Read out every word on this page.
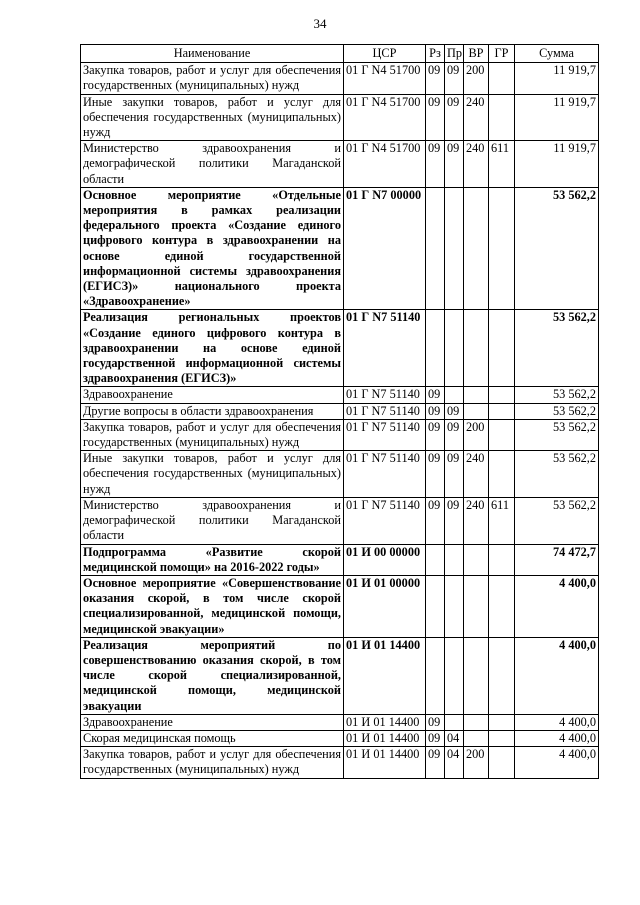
34
Наименование	ЦСР	Рз	Пр	ВР	ГР	Сумма
Закупка товаров, работ и услуг для обеспечения государственных (муниципальных) нужд	01 Г N4 51700	09	09	200		11 919,7
Иные закупки товаров, работ и услуг для обеспечения государственных (муниципальных) нужд	01 Г N4 51700	09	09	240		11 919,7
Министерство здравоохранения и демографической политики Магаданской области	01 Г N4 51700	09	09	240	611	11 919,7
Основное мероприятие «Отдельные мероприятия в рамках реализации федерального проекта «Создание единого цифрового контура в здравоохранении на основе единой государственной информационной системы здравоохранения (ЕГИСЗ)» национального проекта «Здравоохранение»	01 Г N7 00000					53 562,2
Реализация региональных проектов «Создание единого цифрового контура в здравоохранении на основе единой государственной информационной системы здравоохранения (ЕГИСЗ)»	01 Г N7 51140					53 562,2
Здравоохранение	01 Г N7 51140	09				53 562,2
Другие вопросы в области здравоохранения	01 Г N7 51140	09	09			53 562,2
Закупка товаров, работ и услуг для обеспечения государственных (муниципальных) нужд	01 Г N7 51140	09	09	200		53 562,2
Иные закупки товаров, работ и услуг для обеспечения государственных (муниципальных) нужд	01 Г N7 51140	09	09	240		53 562,2
Министерство здравоохранения и демографической политики Магаданской области	01 Г N7 51140	09	09	240	611	53 562,2
Подпрограмма «Развитие скорой медицинской помощи» на 2016-2022 годы»	01 И 00 00000					74 472,7
Основное мероприятие «Совершенствование оказания скорой, в том числе скорой специализированной, медицинской помощи, медицинской эвакуации»	01 И 01 00000					4 400,0
Реализация мероприятий по совершенствованию оказания скорой, в том числе скорой специализированной, медицинской помощи, медицинской эвакуации	01 И 01 14400					4 400,0
Здравоохранение	01 И 01 14400	09				4 400,0
Скорая медицинская помощь	01 И 01 14400	09	04			4 400,0
Закупка товаров, работ и услуг для обеспечения государственных (муниципальных) нужд	01 И 01 14400	09	04	200		4 400,0
